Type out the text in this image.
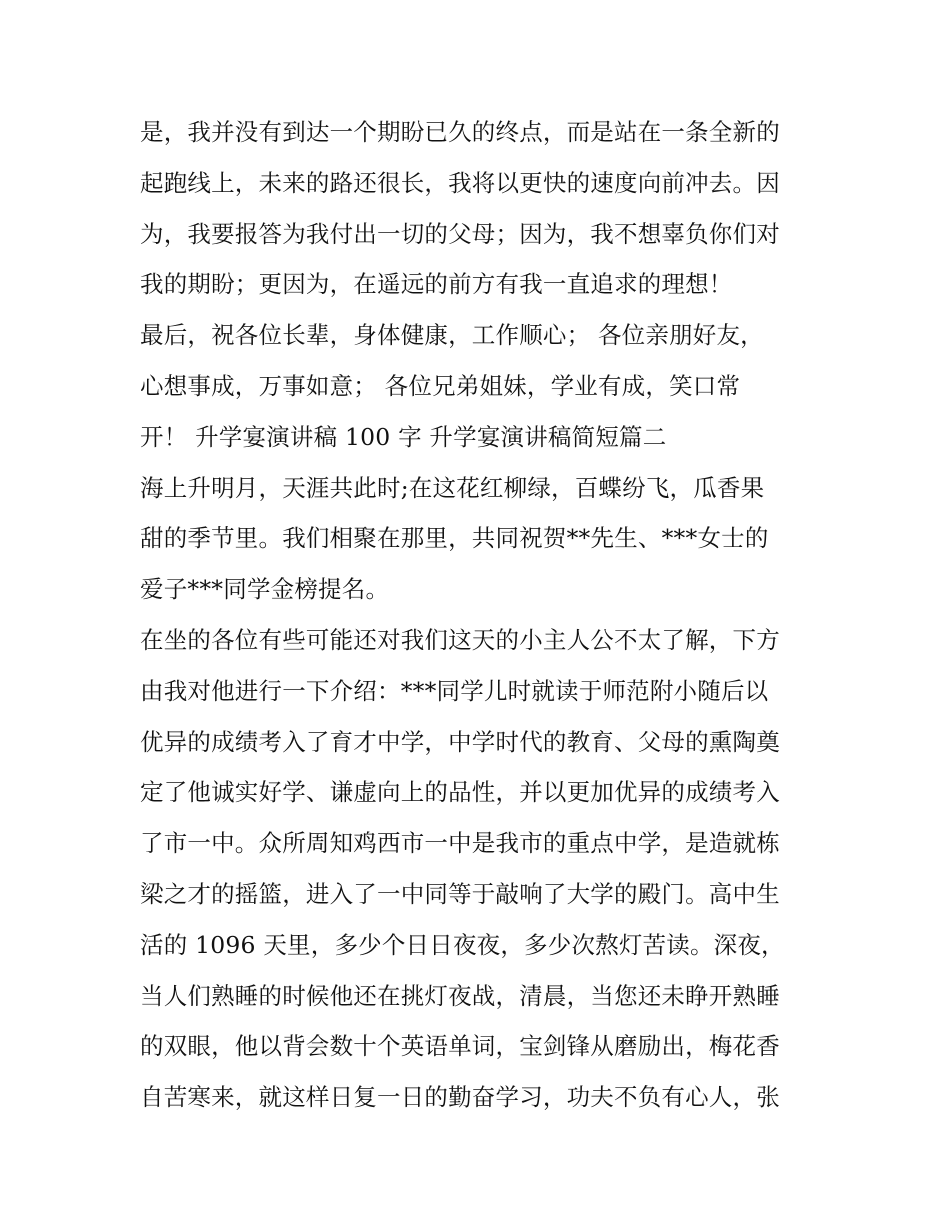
是，我并没有到达一个期盼已久的终点，而是站在一条全新的
起跑线上，未来的路还很长，我将以更快的速度向前冲去。因
为，我要报答为我付出一切的父母；因为，我不想辜负你们对
我的期盼；更因为，在遥远的前方有我一直追求的理想！
最后，祝各位长辈，身体健康，工作顺心； 各位亲朋好友，
心想事成，万事如意； 各位兄弟姐妹，学业有成，笑口常
开！ 升学宴演讲稿 100 字 升学宴演讲稿简短篇二
海上升明月，天涯共此时;在这花红柳绿，百蝶纷飞，瓜香果
甜的季节里。我们相聚在那里，共同祝贺**先生、***女士的
爱子***同学金榜提名。
在坐的各位有些可能还对我们这天的小主人公不太了解，下方
由我对他进行一下介绍：***同学儿时就读于师范附小随后以
优异的成绩考入了育才中学，中学时代的教育、父母的熏陶奠
定了他诚实好学、谦虚向上的品性，并以更加优异的成绩考入
了市一中。众所周知鸡西市一中是我市的重点中学，是造就栋
梁之才的摇篮，进入了一中同等于敲响了大学的殿门。高中生
活的 1096 天里，多少个日日夜夜，多少次熬灯苦读。深夜，
当人们熟睡的时候他还在挑灯夜战，清晨，当您还未睁开熟睡
的双眼，他以背会数十个英语单词，宝剑锋从磨励出，梅花香
自苦寒来，就这样日复一日的勤奋学习，功夫不负有心人，张
